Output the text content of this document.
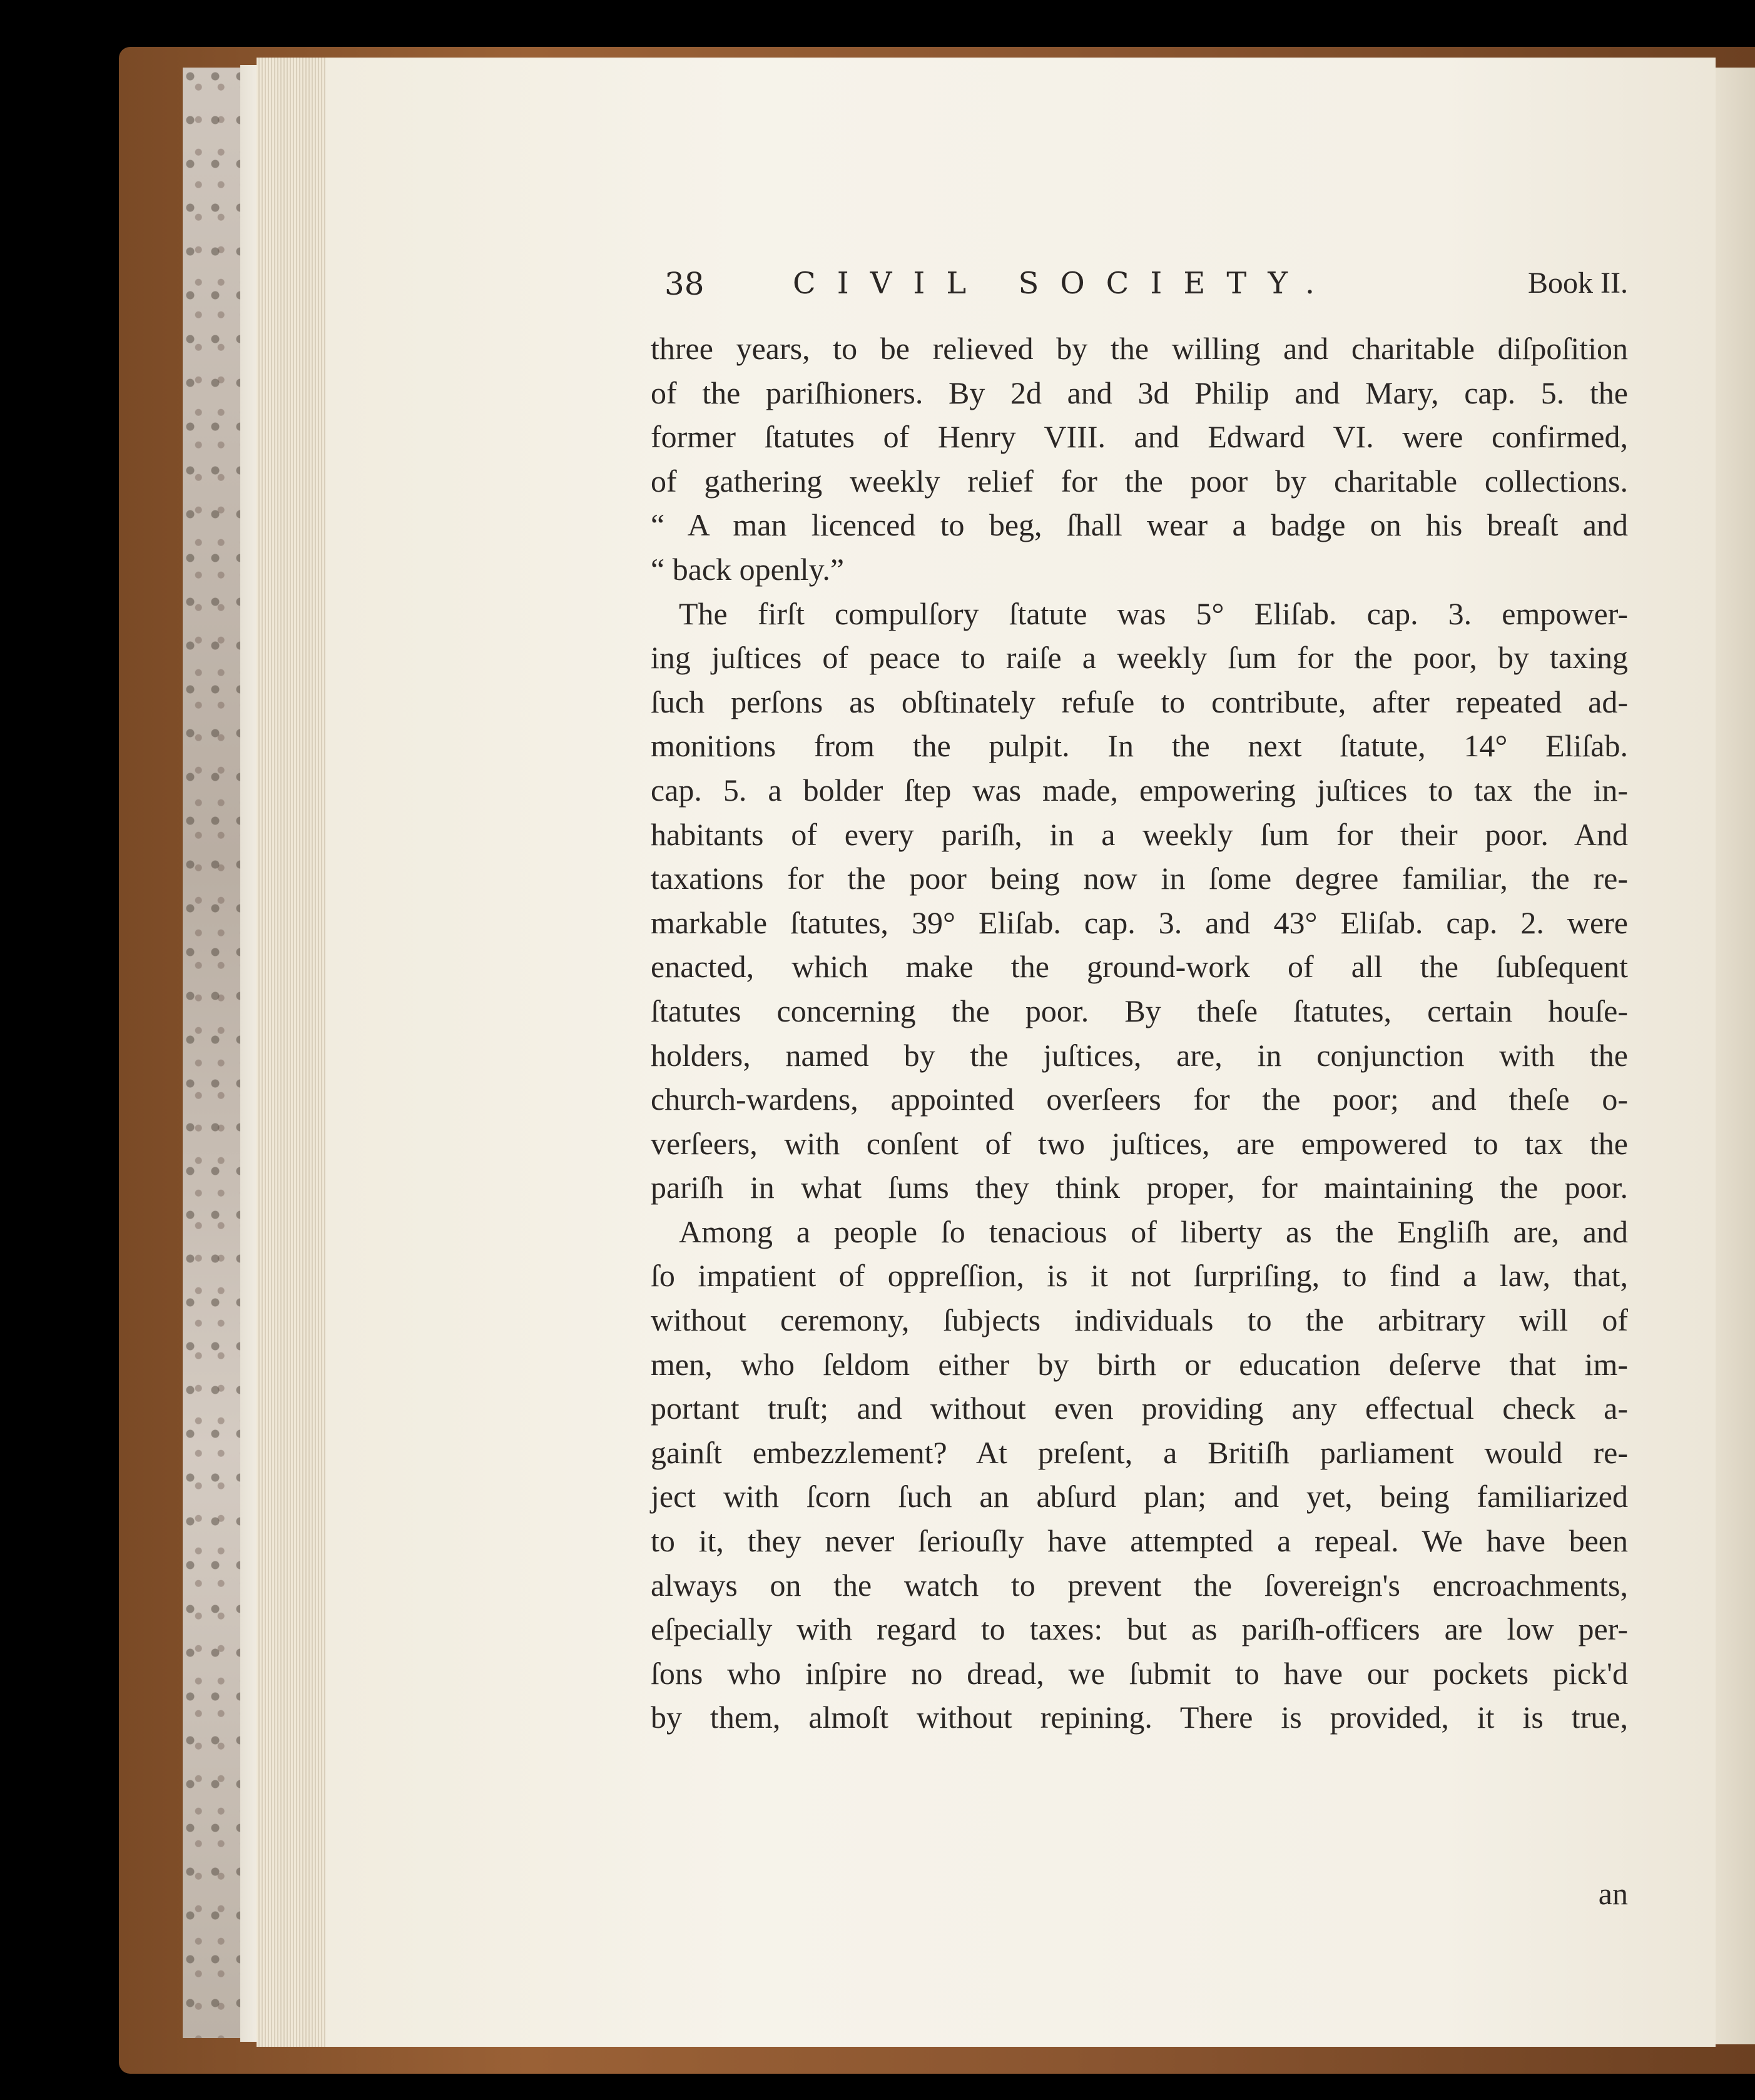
38	CIVIL SOCIETY.	Book II.
three years, to be relieved by the willing and charitable diſpoſition
of the pariſhioners. By 2d and 3d Philip and Mary, cap. 5. the
former ſtatutes of Henry VIII. and Edward VI. were confirmed,
of gathering weekly relief for the poor by charitable collections.
“ A man licenced to beg, ſhall wear a badge on his breaſt and
“ back openly.”
The firſt compulſory ſtatute was 5° Eliſab. cap. 3. empower-
ing juſtices of peace to raiſe a weekly ſum for the poor, by taxing
ſuch perſons as obſtinately refuſe to contribute, after repeated ad-
monitions from the pulpit. In the next ſtatute, 14° Eliſab.
cap. 5. a bolder ſtep was made, empowering juſtices to tax the in-
habitants of every pariſh, in a weekly ſum for their poor. And
taxations for the poor being now in ſome degree familiar, the re-
markable ſtatutes, 39° Eliſab. cap. 3. and 43° Eliſab. cap. 2. were
enacted, which make the ground-work of all the ſubſequent
ſtatutes concerning the poor. By theſe ſtatutes, certain houſe-
holders, named by the juſtices, are, in conjunction with the
church-wardens, appointed overſeers for the poor; and theſe o-
verſeers, with conſent of two juſtices, are empowered to tax the
pariſh in what ſums they think proper, for maintaining the poor.
Among a people ſo tenacious of liberty as the Engliſh are, and
ſo impatient of oppreſſion, is it not ſurpriſing, to find a law, that,
without ceremony, ſubjects individuals to the arbitrary will of
men, who ſeldom either by birth or education deſerve that im-
portant truſt; and without even providing any effectual check a-
gainſt embezzlement? At preſent, a Britiſh parliament would re-
ject with ſcorn ſuch an abſurd plan; and yet, being familiarized
to it, they never ſeriouſly have attempted a repeal. We have been
always on the watch to prevent the ſovereign's encroachments,
eſpecially with regard to taxes: but as pariſh-officers are low per-
ſons who inſpire no dread, we ſubmit to have our pockets pick'd
by them, almoſt without repining. There is provided, it is true,
an
